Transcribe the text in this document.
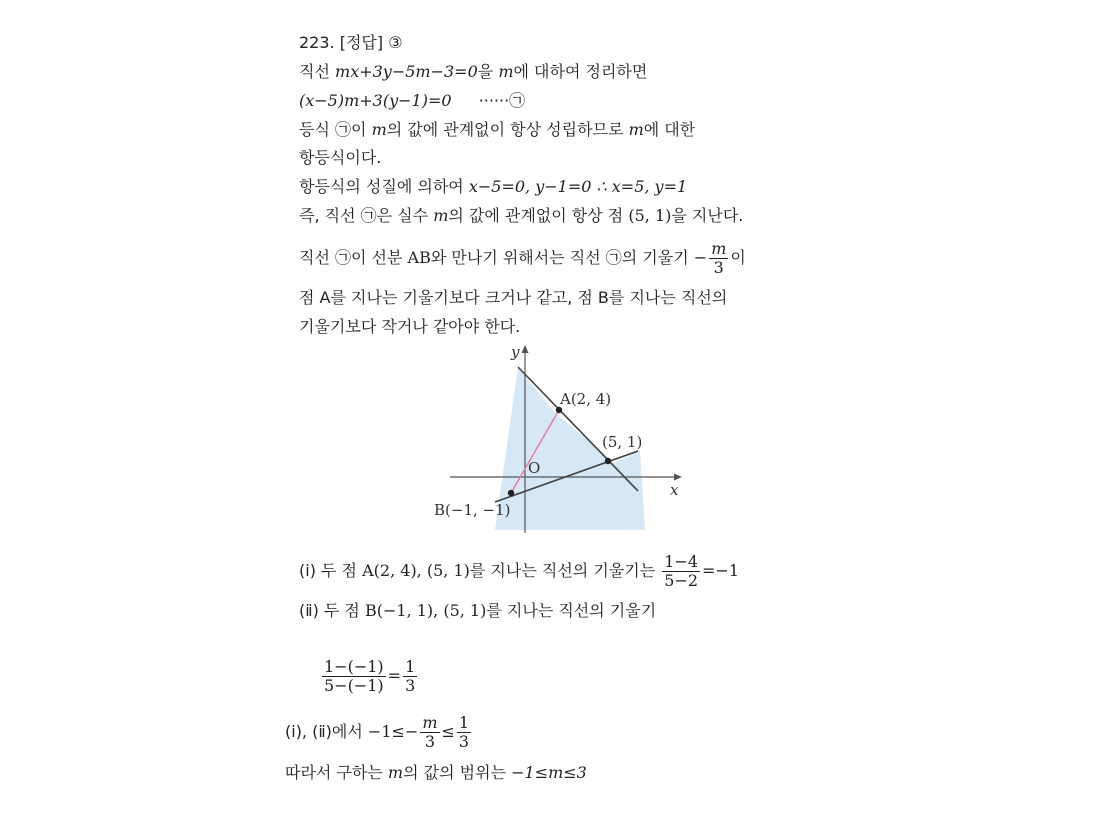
223. [정답] ③
직선 mx+3y−5m−3=0을 m에 대하여 정리하면
(x−5)m+3(y−1)=0 ······㉠
등식 ㉠이 m의 값에 관계없이 항상 성립하므로 m에 대한
항등식이다.
항등식의 성질에 의하여 x−5=0, y−1=0 ∴ x=5, y=1
즉, 직선 ㉠은 실수 m의 값에 관계없이 항상 점 (5, 1)을 지난다.
직선 ㉠이 선분 AB와 만나기 위해서는 직선 ㉠의 기울기 − $\frac{m}{3}$ 이
점 A를 지나는 기울기보다 크거나 같고, 점 B를 지나는 직선의
기울기보다 작거나 같아야 한다.
y
x
O
A(2, 4)
(5, 1)
B(−1, −1)
(ⅰ) 두 점 A(2, 4), (5, 1)를 지나는 직선의 기울기는 $\frac{1-4}{5-2} =-1$
(ⅱ) 두 점 B(−1, 1), (5, 1)를 지나는 직선의 기울기
$\frac{1-(-1)}{5-(-1)} = \frac{1}{3}$
(ⅰ), (ⅱ)에서 $-1\le- \frac{m}{3} \le \frac{1}{3}$
따라서 구하는 m의 값의 범위는 −1≤m≤3
